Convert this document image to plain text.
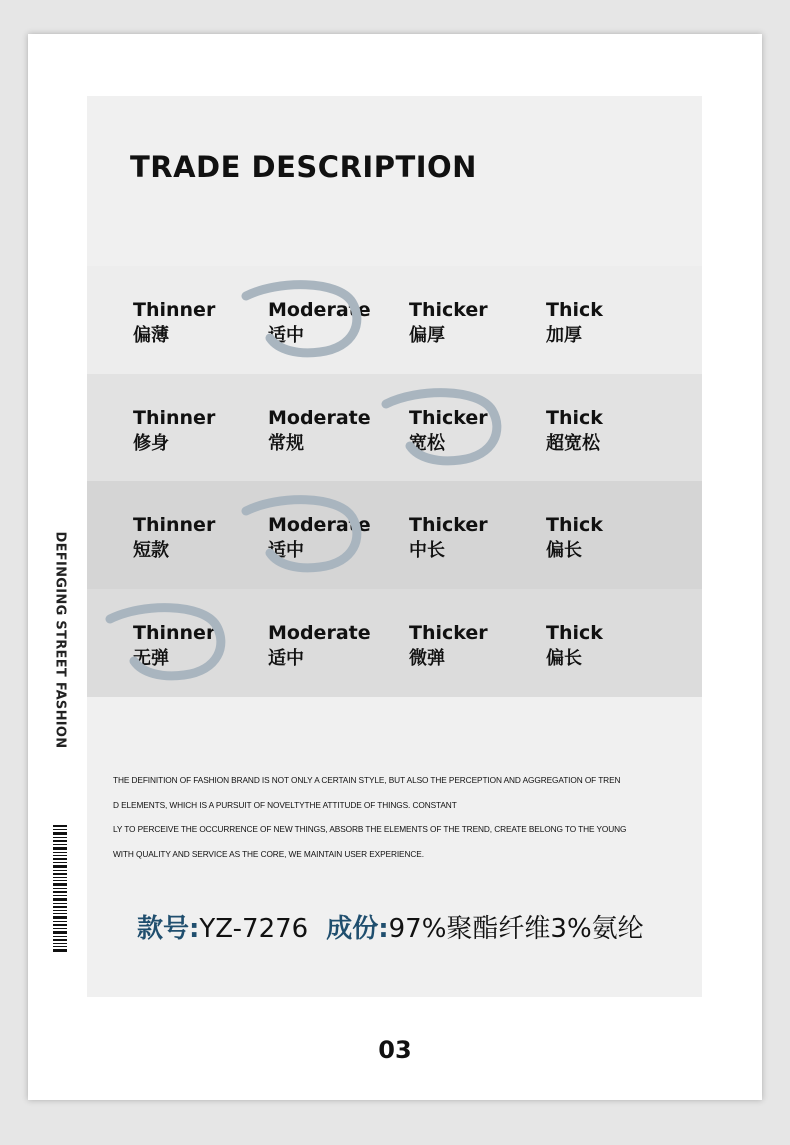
TRADE DESCRIPTION
Thinner
偏薄
Moderate
适中
Thicker
偏厚
Thick
加厚
Thinner
修身
Moderate
常规
Thicker
宽松
Thick
超宽松
Thinner
短款
Moderate
适中
Thicker
中长
Thick
偏长
Thinner
无弹
Moderate
适中
Thicker
微弹
Thick
偏长
DEFINGING STREET FASHION
THE DEFINITION OF FASHION BRAND IS NOT ONLY A CERTAIN STYLE, BUT ALSO THE PERCEPTION AND AGGREGATION OF TREN
D ELEMENTS, WHICH IS A PURSUIT OF NOVELTYTHE ATTITUDE OF THINGS. CONSTANT
LY TO PERCEIVE THE OCCURRENCE OF NEW THINGS, ABSORB THE ELEMENTS OF THE TREND, CREATE BELONG TO THE YOUNG
WITH QUALITY AND SERVICE AS THE CORE, WE MAINTAIN USER EXPERIENCE.
款号:YZ-7276 成份:97%聚酯纤维3%氨纶
03
